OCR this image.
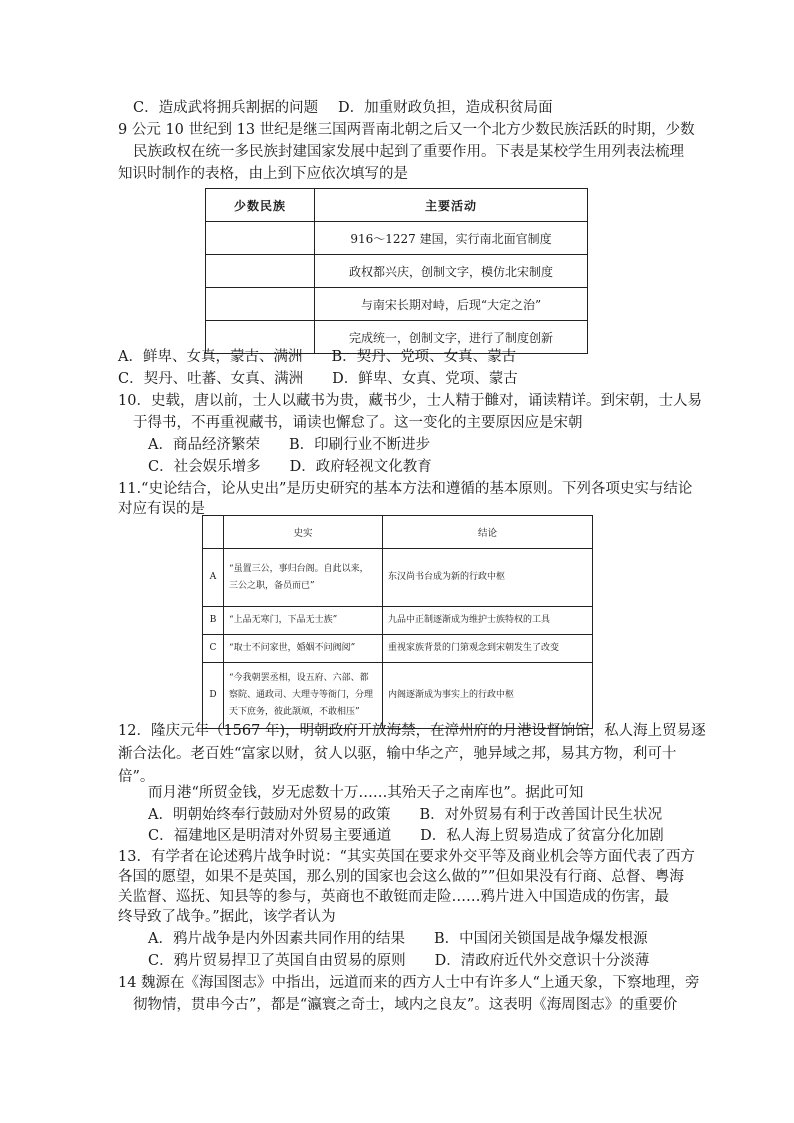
C．造成武将拥兵割据的问题 D．加重财政负担，造成积贫局面
9 公元 10 世纪到 13 世纪是继三国两晋南北朝之后又一个北方少数民族活跃的时期，少数
民族政权在统一多民族封建国家发展中起到了重要作用。下表是某校学生用列表法梳理
知识时制作的表格，由上到下应依次填写的是
少数民族	主要活动
	916～1227 建国，实行南北面官制度
	政权都兴庆，创制文字，模仿北宋制度
	与南宋长期对峙，后现“大定之治”
	完成统一，创制文字，进行了制度创新
A．鲜卑、女真，蒙古、满洲　　B．契丹、党项、女真、蒙古
C．契丹、吐蕃、女真、满洲　　D．鲜卑、女真、党项、蒙古
10．史载，唐以前，士人以藏书为贵，藏书少，士人精于雠对，诵读精详。到宋朝，士人易
于得书，不再重视藏书，诵读也懈怠了。这一变化的主要原因应是宋朝
A．商品经济繁荣　　B．印刷行业不断进步
C．社会娱乐增多　　D．政府轻视文化教育
11.“史论结合，论从史出”是历史研究的基本方法和遵循的基本原则。下列各项史实与结论
对应有误的是
	史实	结论
A	“虽置三公，事归台阁。自此以来，三公之职，备员而已”	东汉尚书台成为新的行政中枢
B	“上品无寒门，下品无士族”	九品中正制逐渐成为维护士族特权的工具
C	“取士不问家世，婚姻不问阀阅”	重视家族背景的门第观念到宋朝发生了改变
D	“今我朝罢丞相，设五府、六部、都察院、通政司、大理寺等衙门，分理天下庶务，彼此颉颃，不敢相压”	内阁逐渐成为事实上的行政中枢
12．隆庆元年（1567 年)，明朝政府开放海禁，在漳州府的月港设督饷馆，私人海上贸易逐
渐合法化。老百姓“富家以财，贫人以驱，输中华之产，驰异域之邦，易其方物，利可十
倍”。
而月港“所贸金钱，岁无虑数十万……其殆天子之南库也”。据此可知
A．明朝始终奉行鼓励对外贸易的政策　　B．对外贸易有利于改善国计民生状况
C．福建地区是明清对外贸易主要通道　　D．私人海上贸易造成了贫富分化加剧
13．有学者在论述鸦片战争时说：“其实英国在要求外交平等及商业机会等方面代表了西方
各国的愿望，如果不是英国，那么别的国家也会这么做的””但如果没有行商、总督、粤海
关监督、巡抚、知县等的参与，英商也不敢铤而走险……鸦片进入中国造成的伤害，最
终导致了战争。”据此，该学者认为
A．鸦片战争是内外因素共同作用的结果　　B．中国闭关锁国是战争爆发根源
C．鸦片贸易捍卫了英国自由贸易的原则　　D．清政府近代外交意识十分淡薄
14 魏源在《海国图志》中指出，远道而来的西方人士中有许多人“上通天象，下察地理，旁
彻物情，贯串今古”，都是“瀛寰之奇士，域内之良友”。这表明《海周图志》的重要价
